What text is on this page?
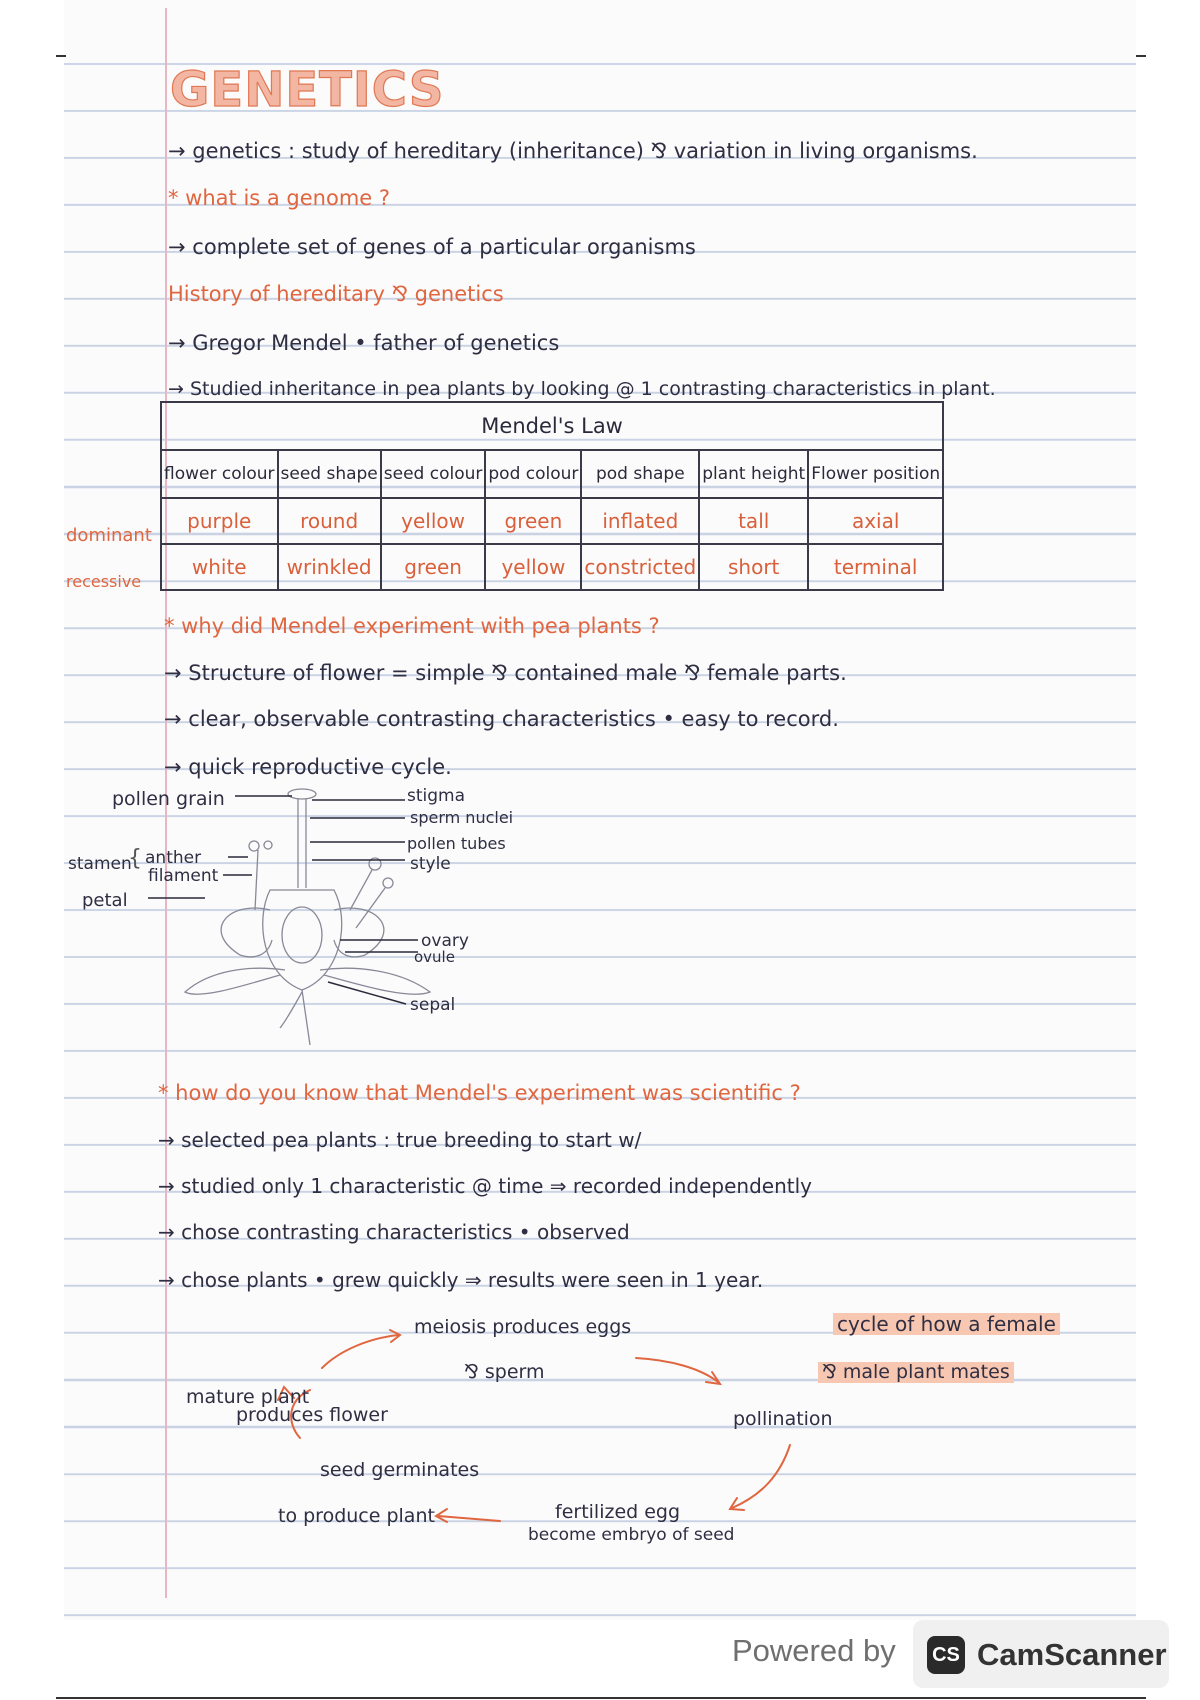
GENETICS
→ genetics : study of hereditary (inheritance) ⅋ variation in living organisms.
* what is a genome ?
→ complete set of genes of a particular organisms
History of hereditary ⅋ genetics
→ Gregor Mendel • father of genetics
→ Studied inheritance in pea plants by looking @ 1 contrasting characteristics in plant.
Mendel's Law						
flower colour	seed shape	seed colour	pod colour	pod shape	plant height	Flower position
purple	round	yellow	green	inflated	tall	axial
white	wrinkled	green	yellow	constricted	short	terminal
dominant
recessive
* why did Mendel experiment with pea plants ?
→ Structure of flower = simple ⅋ contained male ⅋ female parts.
→ clear, observable contrasting characteristics • easy to record.
→ quick reproductive cycle.
pollen grain
stamen
{ anther
filament
petal
stigma
sperm nuclei
pollen tubes
style
ovary
ovule
sepal
* how do you know that Mendel's experiment was scientific ?
→ selected pea plants : true breeding to start w/
→ studied only 1 characteristic @ time ⇒ recorded independently
→ chose contrasting characteristics • observed
→ chose plants • grew quickly ⇒ results were seen in 1 year.
cycle of how a female
⅋ male plant mates
meiosis produces eggs
⅋ sperm
pollination
fertilized egg
become embryo of seed
to produce plant
seed germinates
mature plant
produces flower
Powered by CS CamScanner
